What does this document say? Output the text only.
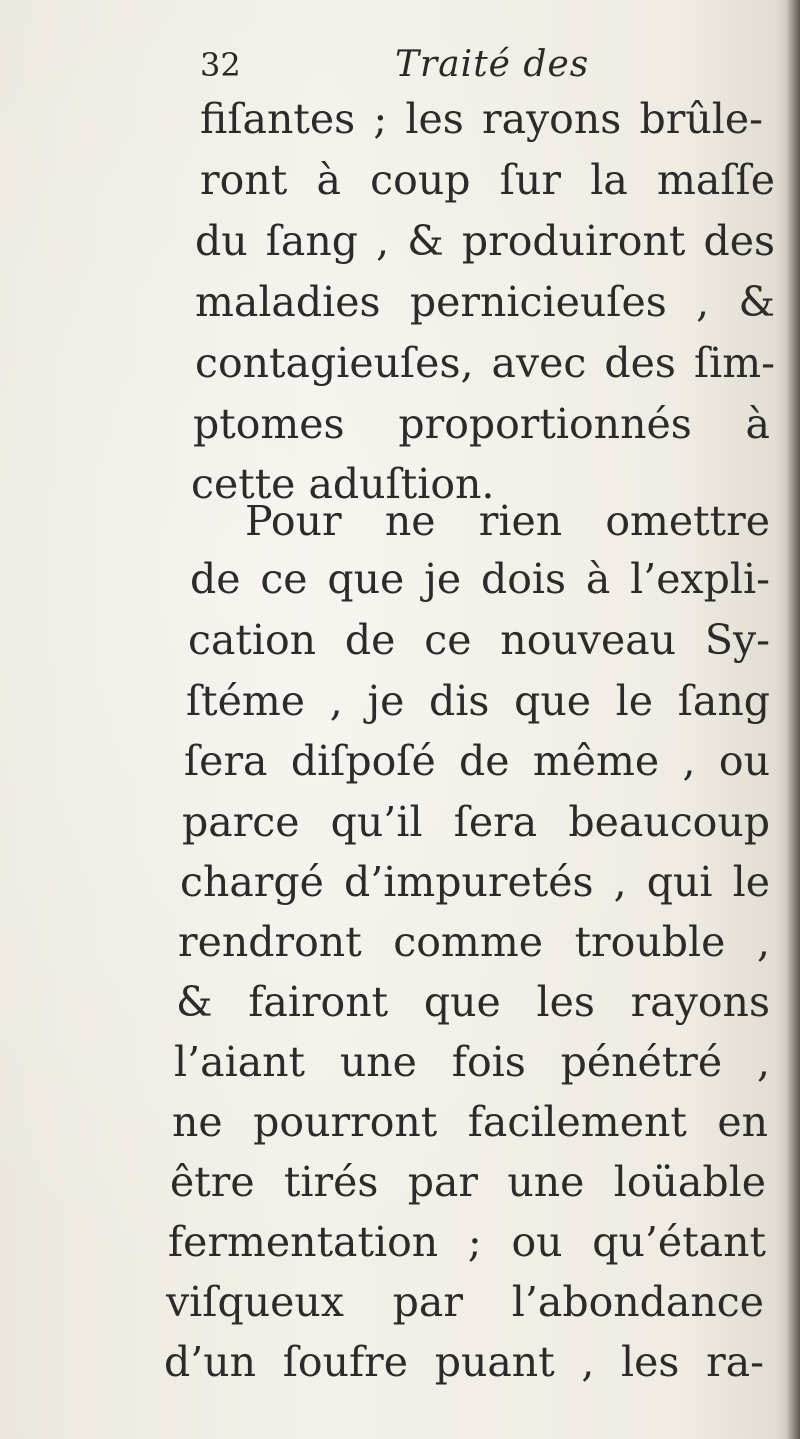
32	Traité des
fiſantes ; les rayons brûle-
ront à coup ſur la maſſe
du ſang , & produiront des
maladies pernicieuſes , &
contagieuſes, avec des ſim-
ptomes proportionnés à
cette aduſtion.
Pour ne rien omettre
de ce que je dois à l’expli-
cation de ce nouveau Sy-
ſtéme , je dis que le ſang
ſera diſpoſé de même , ou
parce qu’il ſera beaucoup
chargé d’impuretés , qui le
rendront comme trouble ,
& fairont que les rayons
l’aiant une fois pénétré ,
ne pourront facilement en
être tirés par une loüable
fermentation ; ou qu’étant
viſqueux par l’abondance
d’un ſoufre puant , les ra-
